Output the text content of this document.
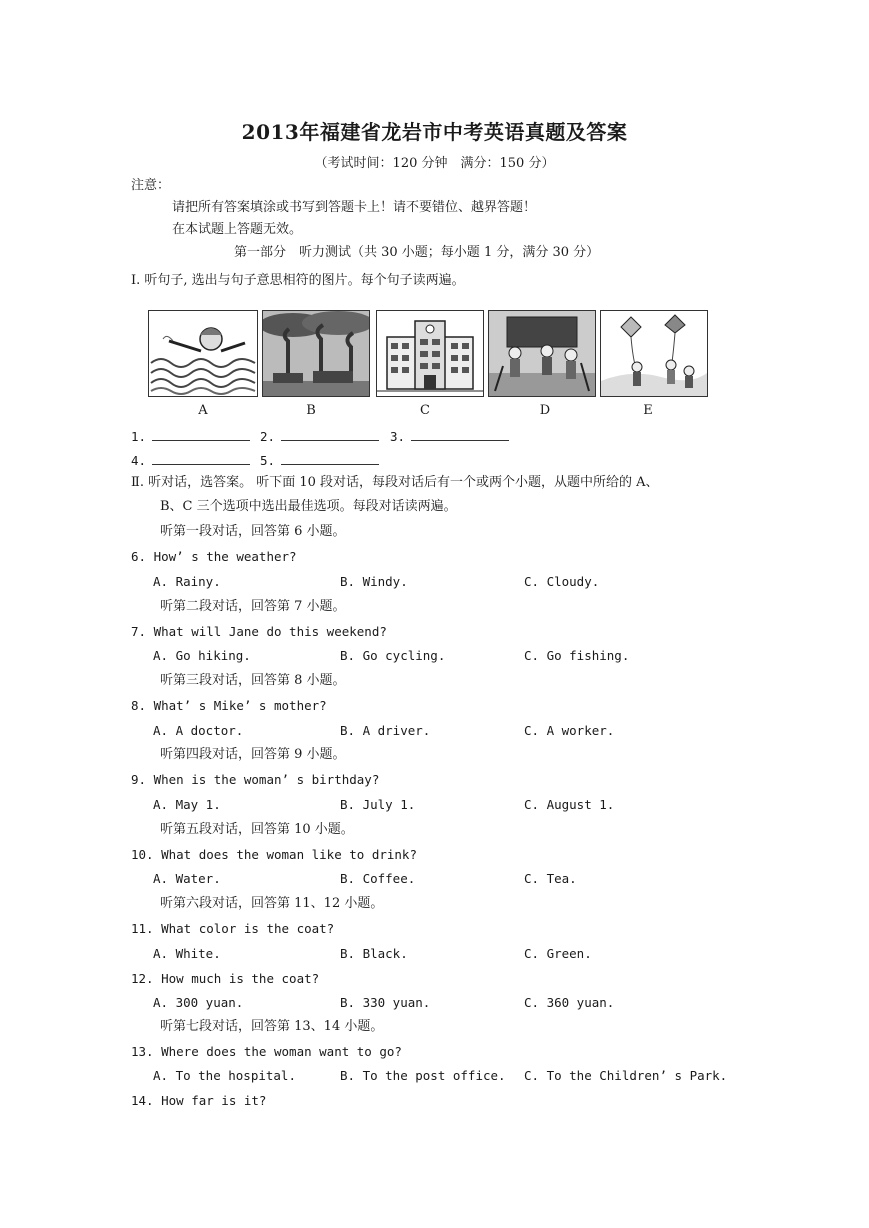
2013年福建省龙岩市中考英语真题及答案
（考试时间：120 分钟　满分：150 分）
注意：
请把所有答案填涂或书写到答题卡上！请不要错位、越界答题！
在本试题上答题无效。
第一部分　听力测试（共 30 小题；每小题 1 分，满分 30 分）
Ⅰ. 听句子, 选出与句子意思相符的图片。每个句子读两遍。
A	B	C	D	E
1.	2.	3.
4.	5.
Ⅱ. 听对话，选答案。 听下面 10 段对话，每段对话后有一个或两个小题，从题中所给的 A、
B、C 三个选项中选出最佳选项。每段对话读两遍。
听第一段对话，回答第 6 小题。
6. How’ s the weather?
A. Rainy.	B. Windy.	C. Cloudy.
听第二段对话，回答第 7 小题。
7. What will Jane do this weekend?
A. Go hiking.	B. Go cycling.	C. Go fishing.
听第三段对话，回答第 8 小题。
8. What’ s Mike’ s mother?
A. A doctor.	B. A driver.	C. A worker.
听第四段对话，回答第 9 小题。
9. When is the woman’ s birthday?
A. May 1.	B. July 1.	C. August 1.
听第五段对话，回答第 10 小题。
10. What does the woman like to drink?
A. Water.	B. Coffee.	C. Tea.
听第六段对话，回答第 11、12 小题。
11. What color is the coat?
A. White.	B. Black.	C. Green.
12. How much is the coat?
A. 300 yuan.	B. 330 yuan.	C. 360 yuan.
听第七段对话，回答第 13、14 小题。
13. Where does the woman want to go?
A. To the hospital.	B. To the post office. C. To the Children’ s Park.
14. How far is it?
